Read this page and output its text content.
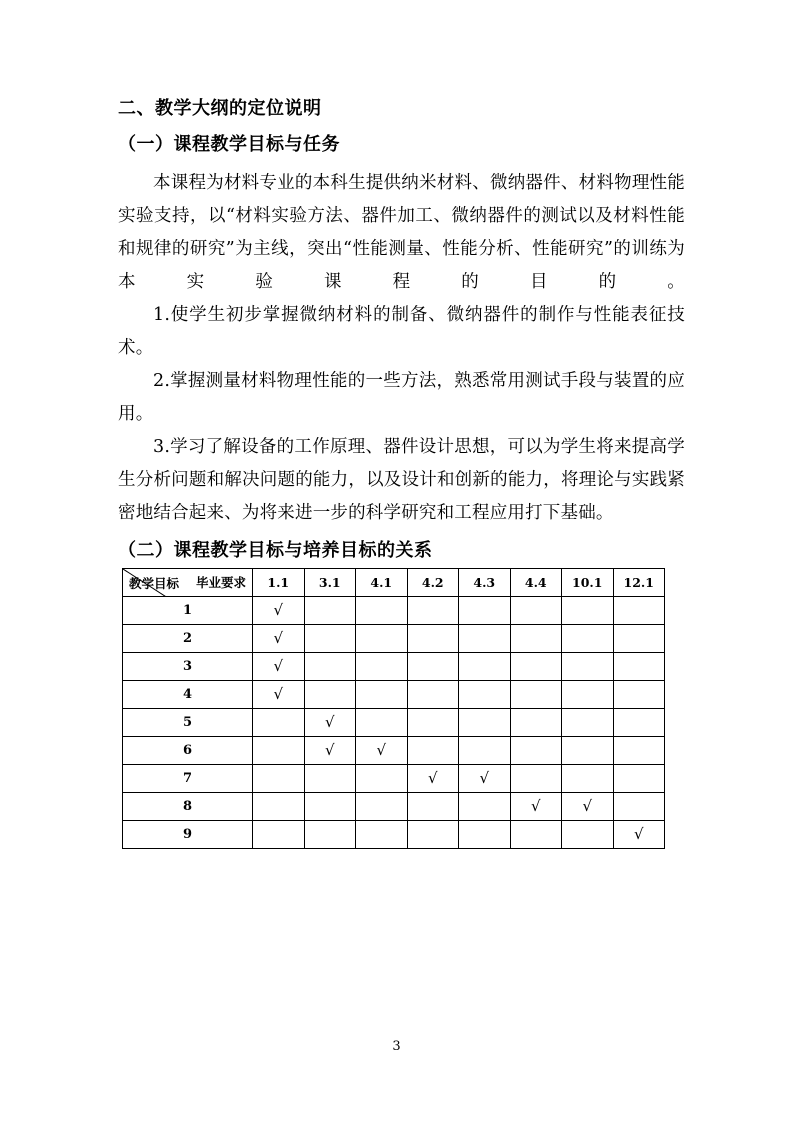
二、教学大纲的定位说明
（一）课程教学目标与任务

本课程为材料专业的本科生提供纳米材料、微纳器件、材料物理性能实验支持，以“材料实验方法、器件加工、微纳器件的测试以及材料性能和规律的研究”为主线，突出“性能测量、性能分析、性能研究”的训练为本实验课程的目的。

1.使学生初步掌握微纳材料的制备、微纳器件的制作与性能表征技术。

2.掌握测量材料物理性能的一些方法，熟悉常用测试手段与装置的应用。

3.学习了解设备的工作原理、器件设计思想，可以为学生将来提高学生分析问题和解决问题的能力，以及设计和创新的能力，将理论与实践紧密地结合起来、为将来进一步的科学研究和工程应用打下基础。

（二）课程教学目标与培养目标的关系
毕业要求
教学目标	1.1	3.1	4.1	4.2	4.3	4.4	10.1	12.1
1	√							
2	√							
3	√							
4	√							
5		√						
6		√	√					
7				√	√			
8						√	√	
9								√
3
